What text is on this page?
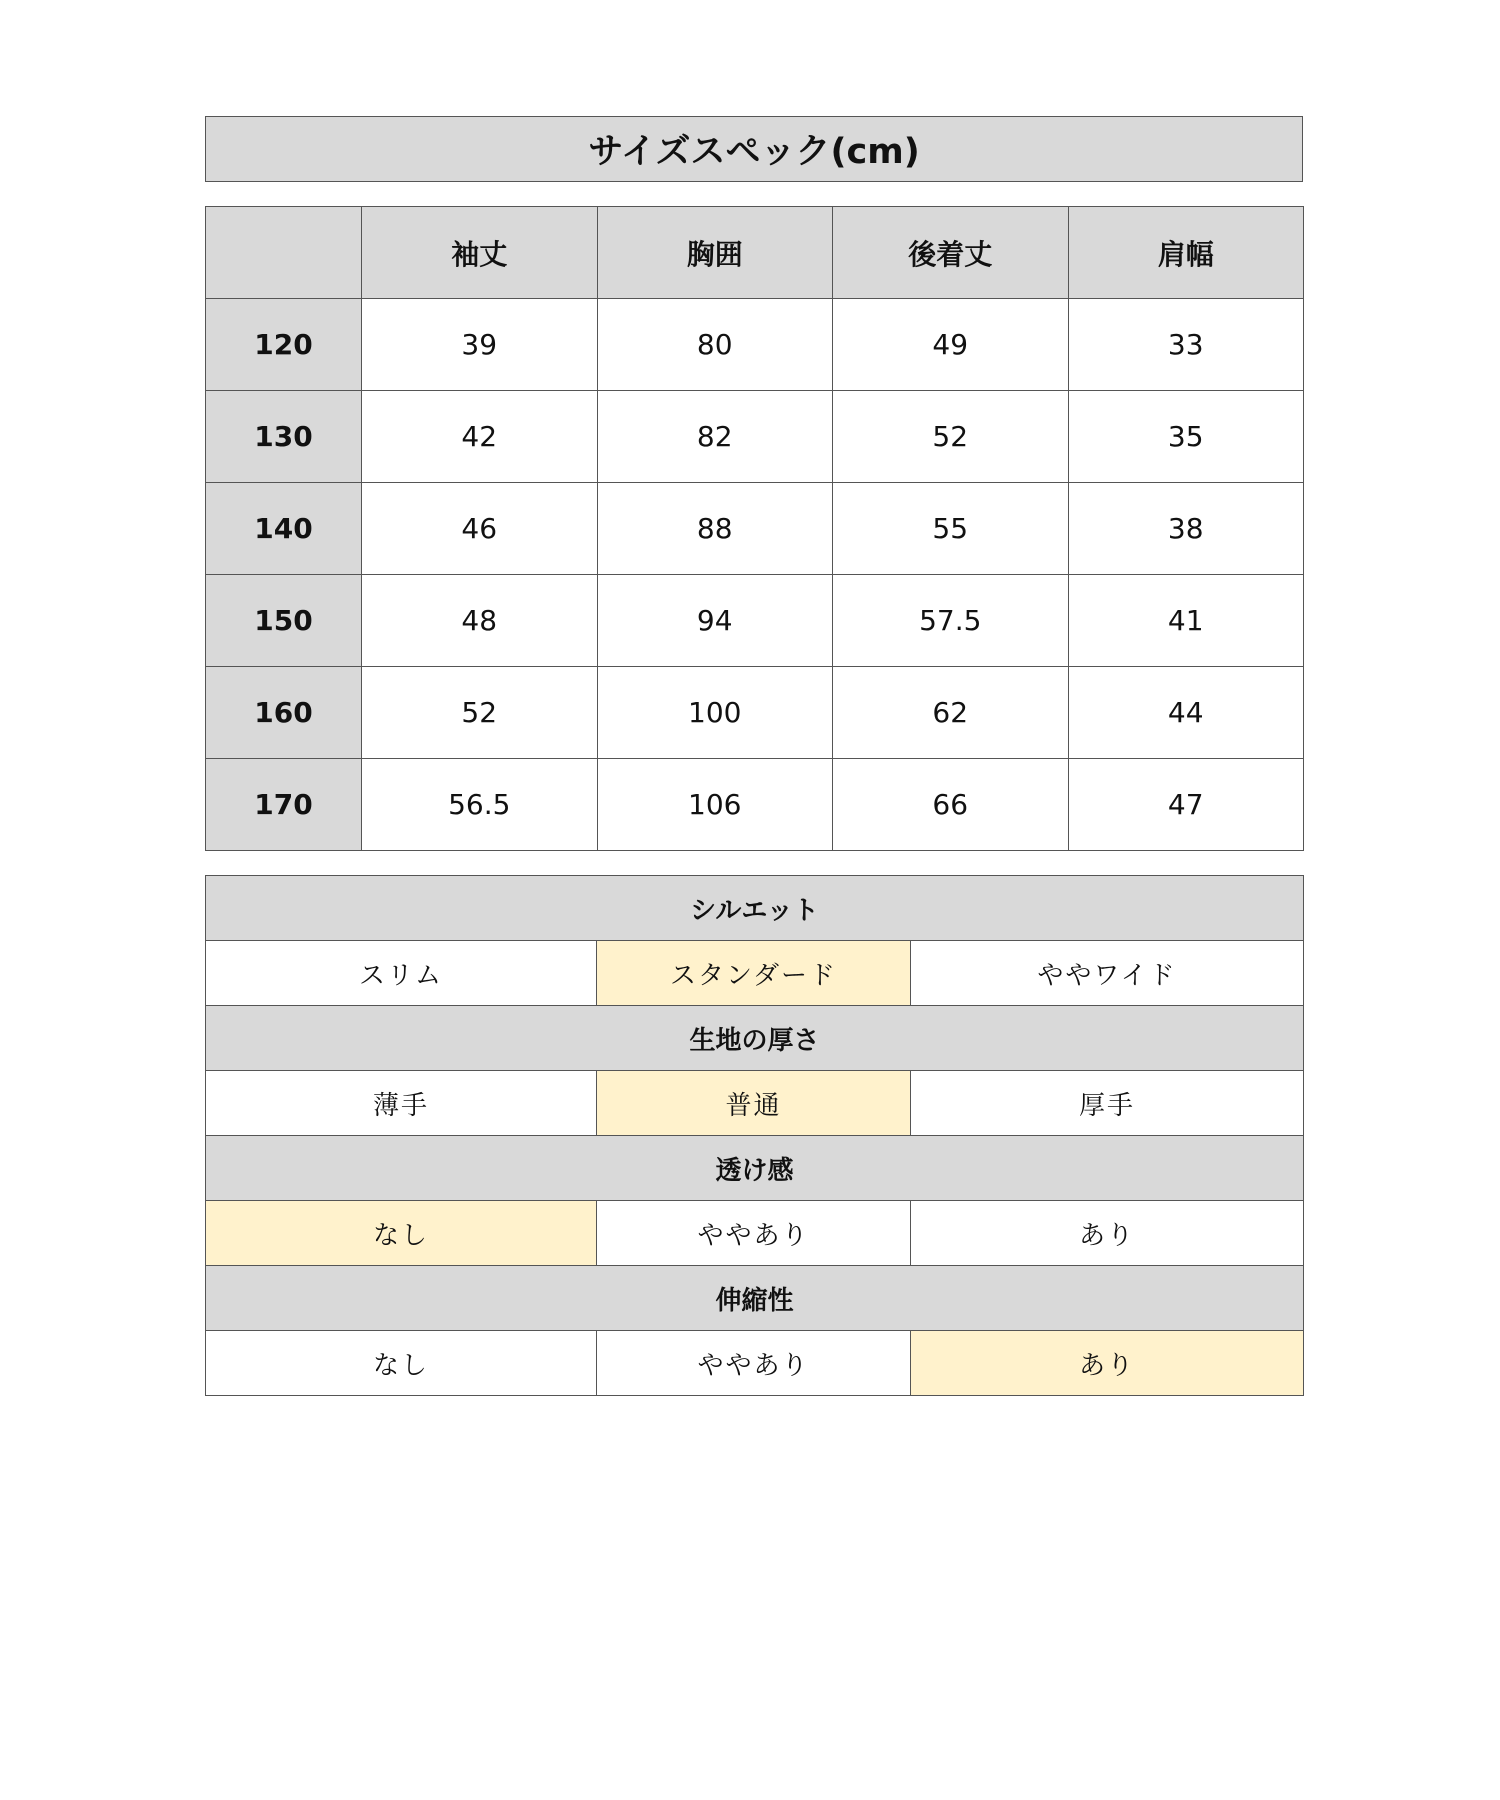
サイズスペック(cm)
	袖丈	胸囲	後着丈	肩幅
120	39	80	49	33
130	42	82	52	35
140	46	88	55	38
150	48	94	57.5	41
160	52	100	62	44
170	56.5	106	66	47
シルエット		
スリム	スタンダード	ややワイド
生地の厚さ		
薄手	普通	厚手
透け感		
なし	ややあり	あり
伸縮性		
なし	ややあり	あり
